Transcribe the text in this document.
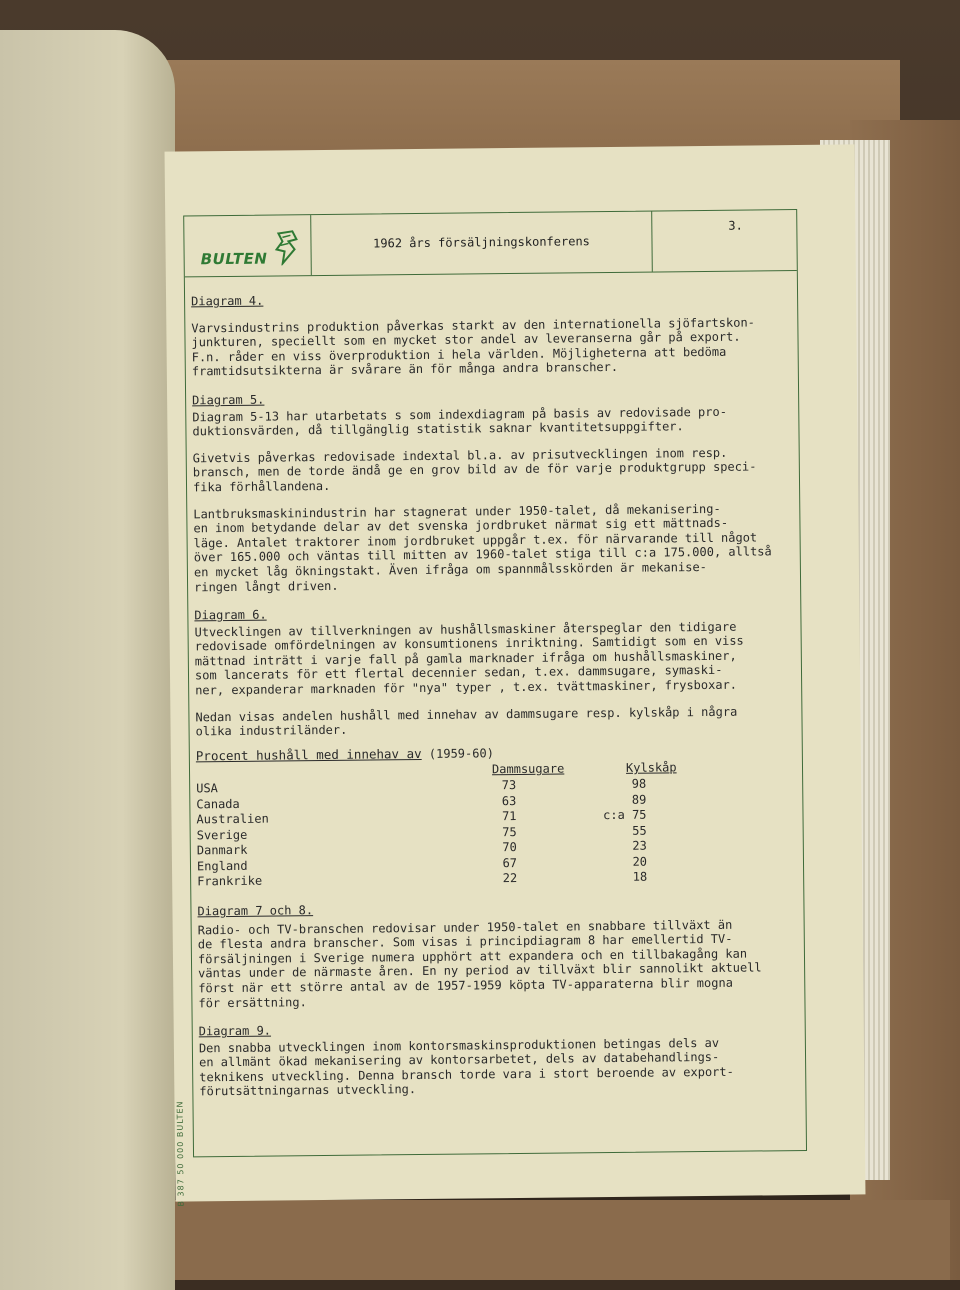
BULTEN
1962 års försäljningskonferens
3.
Diagram 4.

Varvsindustrins produktion påverkas starkt av den internationella sjöfartskon-
junkturen, speciellt som en mycket stor andel av leveranserna går på export.
F.n. råder en viss överproduktion i hela världen. Möjligheterna att bedöma
framtidsutsikterna är svårare än för många andra branscher.

Diagram 5.
Diagram 5-13 har utarbetats s som indexdiagram på basis av redovisade pro-
duktionsvärden, då tillgänglig statistik saknar kvantitetsuppgifter.
Givetvis påverkas redovisade indextal bl.a. av prisutvecklingen inom resp.
bransch, men de torde ändå ge en grov bild av de för varje produktgrupp speci-
fika förhållandena.
Lantbruksmaskinindustrin har stagnerat under 1950-talet, då mekanisering-
en inom betydande delar av det svenska jordbruket närmat sig ett mättnads-
läge. Antalet traktorer inom jordbruket uppgår t.ex. för närvarande till något
över 165.000 och väntas till mitten av 1960-talet stiga till c:a 175.000, alltså
en mycket låg ökningstakt. Även ifråga om spannmålsskörden är mekanise-
ringen långt driven.
Diagram 6.
Utvecklingen av tillverkningen av hushållsmaskiner återspeglar den tidigare
redovisade omfördelningen av konsumtionens inriktning. Samtidigt som en viss
mättnad inträtt i varje fall på gamla marknader ifråga om hushållsmaskiner,
som lancerats för ett flertal decennier sedan, t.ex. dammsugare, symaski-
ner, expanderar marknaden för "nya" typer , t.ex. tvättmaskiner, frysboxar.
Nedan visas andelen hushåll med innehav av dammsugare resp. kylskåp i några
olika industriländer.
Procent hushåll med innehav av (1959-60)
Dammsugare	Kylskåp
USA	73	98
Canada	63	89
Australien	71	c:a 75
Sverige	75	55
Danmark	70	23
England	67	20
Frankrike	22	18
Diagram 7 och 8.
Radio- och TV-branschen redovisar under 1950-talet en snabbare tillväxt än
de flesta andra branscher. Som visas i principdiagram 8 har emellertid TV-
försäljningen i Sverige numera upphört att expandera och en tillbakagång kan
väntas under de närmaste åren. En ny period av tillväxt blir sannolikt aktuell
först när ett större antal av de 1957-1959 köpta TV-apparaterna blir mogna
för ersättning.
Diagram 9.
Den snabba utvecklingen inom kontorsmaskinsproduktionen betingas dels av
en allmänt ökad mekanisering av kontorsarbetet, dels av databehandlings-
teknikens utveckling. Denna bransch torde vara i stort beroende av export-
förutsättningarnas utveckling.
B 387 50 000 BULTEN
